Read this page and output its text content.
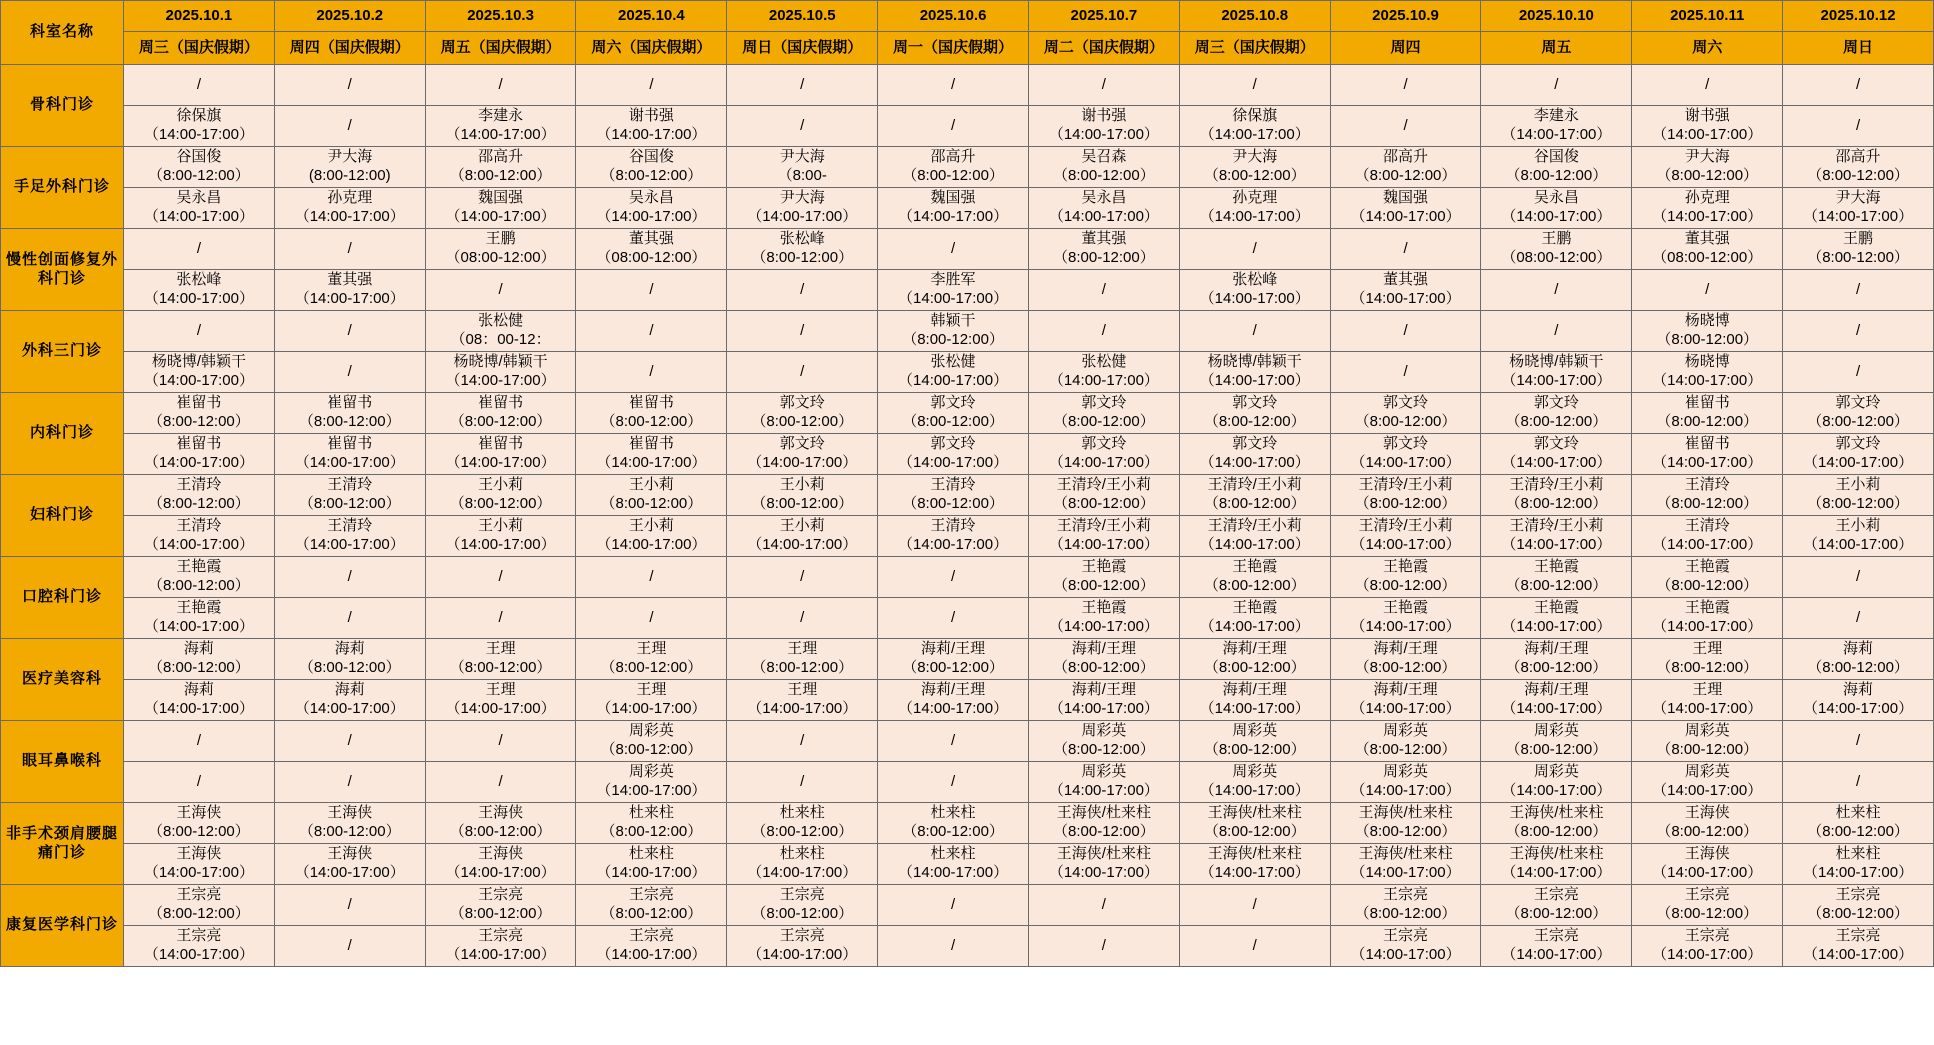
科室名称	2025.10.1	2025.10.2	2025.10.3	2025.10.4	2025.10.5	2025.10.6	2025.10.7	2025.10.8	2025.10.9	2025.10.10	2025.10.11	2025.10.12
	周三（国庆假期）	周四（国庆假期）	周五（国庆假期）	周六（国庆假期）	周日（国庆假期）	周一（国庆假期）	周二（国庆假期）	周三（国庆假期）	周四	周五	周六	周日

骨科门诊	/	/	/	/	/	/	/	/	/	/	/	/

	徐保旗
（14:00-17:00）	/	李建永
（14:00-17:00）	谢书强
（14:00-17:00）	/	/	谢书强
（14:00-17:00）	徐保旗
（14:00-17:00）	/	李建永
（14:00-17:00）	谢书强
（14:00-17:00）	/

手足外科门诊	谷国俊
（8:00-12:00）	尹大海
(8:00-12:00)	邵高升
（8:00-12:00）	谷国俊
（8:00-12:00）	尹大海
（8:00-	邵高升
（8:00-12:00）	吴召森
（8:00-12:00）	尹大海
（8:00-12:00）	邵高升
（8:00-12:00）	谷国俊
（8:00-12:00）	尹大海
（8:00-12:00）	邵高升
（8:00-12:00）

	吴永昌
（14:00-17:00）	孙克理
（14:00-17:00）	魏国强
（14:00-17:00）	吴永昌
（14:00-17:00）	尹大海
（14:00-17:00）	魏国强
（14:00-17:00）	吴永昌
（14:00-17:00）	孙克理
（14:00-17:00）	魏国强
（14:00-17:00）	吴永昌
（14:00-17:00）	孙克理
（14:00-17:00）	尹大海
（14:00-17:00）

慢性创面修复外科门诊	/	/	王鹏
（08:00-12:00）	董其强
（08:00-12:00）	张松峰
（8:00-12:00）	/	董其强
（8:00-12:00）	/	/	王鹏
（08:00-12:00）	董其强
（08:00-12:00）	王鹏
（8:00-12:00）

	张松峰
（14:00-17:00）	董其强
（14:00-17:00）	/	/	/	李胜军
（14:00-17:00）	/	张松峰
（14:00-17:00）	董其强
（14:00-17:00）	/	/	/

外科三门诊	/	/	张松健
（08：00-12：	/	/	韩颖干
（8:00-12:00）	/	/	/	/	杨晓博
（8:00-12:00）	/

	杨晓博/韩颖干
（14:00-17:00）	/	杨晓博/韩颖干
（14:00-17:00）	/	/	张松健
（14:00-17:00）	张松健
（14:00-17:00）	杨晓博/韩颖干
（14:00-17:00）	/	杨晓博/韩颖干
（14:00-17:00）	杨晓博
（14:00-17:00）	/

内科门诊	崔留书
（8:00-12:00）	崔留书
（8:00-12:00）	崔留书
（8:00-12:00）	崔留书
（8:00-12:00）	郭文玲
（8:00-12:00）	郭文玲
（8:00-12:00）	郭文玲
（8:00-12:00）	郭文玲
（8:00-12:00）	郭文玲
（8:00-12:00）	郭文玲
（8:00-12:00）	崔留书
（8:00-12:00）	郭文玲
（8:00-12:00）

	崔留书
（14:00-17:00）	崔留书
（14:00-17:00）	崔留书
（14:00-17:00）	崔留书
（14:00-17:00）	郭文玲
（14:00-17:00）	郭文玲
（14:00-17:00）	郭文玲
（14:00-17:00）	郭文玲
（14:00-17:00）	郭文玲
（14:00-17:00）	郭文玲
（14:00-17:00）	崔留书
（14:00-17:00）	郭文玲
（14:00-17:00）

妇科门诊	王清玲
（8:00-12:00）	王清玲
（8:00-12:00）	王小莉
（8:00-12:00）	王小莉
（8:00-12:00）	王小莉
（8:00-12:00）	王清玲
（8:00-12:00）	王清玲/王小莉
（8:00-12:00）	王清玲/王小莉
（8:00-12:00）	王清玲/王小莉
（8:00-12:00）	王清玲/王小莉
（8:00-12:00）	王清玲
（8:00-12:00）	王小莉
（8:00-12:00）

	王清玲
（14:00-17:00）	王清玲
（14:00-17:00）	王小莉
（14:00-17:00）	王小莉
（14:00-17:00）	王小莉
（14:00-17:00）	王清玲
（14:00-17:00）	王清玲/王小莉
（14:00-17:00）	王清玲/王小莉
（14:00-17:00）	王清玲/王小莉
（14:00-17:00）	王清玲/王小莉
（14:00-17:00）	王清玲
（14:00-17:00）	王小莉
（14:00-17:00）

口腔科门诊	王艳霞
（8:00-12:00）	/	/	/	/	/	王艳霞
（8:00-12:00）	王艳霞
（8:00-12:00）	王艳霞
（8:00-12:00）	王艳霞
（8:00-12:00）	王艳霞
（8:00-12:00）	/

	王艳霞
（14:00-17:00）	/	/	/	/	/	王艳霞
（14:00-17:00）	王艳霞
（14:00-17:00）	王艳霞
（14:00-17:00）	王艳霞
（14:00-17:00）	王艳霞
（14:00-17:00）	/

医疗美容科	海莉
（8:00-12:00）	海莉
（8:00-12:00）	王理
（8:00-12:00）	王理
（8:00-12:00）	王理
（8:00-12:00）	海莉/王理
（8:00-12:00）	海莉/王理
（8:00-12:00）	海莉/王理
（8:00-12:00）	海莉/王理
（8:00-12:00）	海莉/王理
（8:00-12:00）	王理
（8:00-12:00）	海莉
（8:00-12:00）

	海莉
（14:00-17:00）	海莉
（14:00-17:00）	王理
（14:00-17:00）	王理
（14:00-17:00）	王理
（14:00-17:00）	海莉/王理
（14:00-17:00）	海莉/王理
（14:00-17:00）	海莉/王理
（14:00-17:00）	海莉/王理
（14:00-17:00）	海莉/王理
（14:00-17:00）	王理
（14:00-17:00）	海莉
（14:00-17:00）

眼耳鼻喉科	/	/	/	周彩英
（8:00-12:00）	/	/	周彩英
（8:00-12:00）	周彩英
（8:00-12:00）	周彩英
（8:00-12:00）	周彩英
（8:00-12:00）	周彩英
（8:00-12:00）	/

	/	/	/	周彩英
（14:00-17:00）	/	/	周彩英
（14:00-17:00）	周彩英
（14:00-17:00）	周彩英
（14:00-17:00）	周彩英
（14:00-17:00）	周彩英
（14:00-17:00）	/

非手术颈肩腰腿痛门诊	王海侠
（8:00-12:00）	王海侠
（8:00-12:00）	王海侠
（8:00-12:00）	杜来柱
（8:00-12:00）	杜来柱
（8:00-12:00）	杜来柱
（8:00-12:00）	王海侠/杜来柱
（8:00-12:00）	王海侠/杜来柱
（8:00-12:00）	王海侠/杜来柱
（8:00-12:00）	王海侠/杜来柱
（8:00-12:00）	王海侠
（8:00-12:00）	杜来柱
（8:00-12:00）

	王海侠
（14:00-17:00）	王海侠
（14:00-17:00）	王海侠
（14:00-17:00）	杜来柱
（14:00-17:00）	杜来柱
（14:00-17:00）	杜来柱
（14:00-17:00）	王海侠/杜来柱
（14:00-17:00）	王海侠/杜来柱
（14:00-17:00）	王海侠/杜来柱
（14:00-17:00）	王海侠/杜来柱
（14:00-17:00）	王海侠
（14:00-17:00）	杜来柱
（14:00-17:00）

康复医学科门诊	王宗亮
（8:00-12:00）	/	王宗亮
（8:00-12:00）	王宗亮
（8:00-12:00）	王宗亮
（8:00-12:00）	/	/	/	王宗亮
（8:00-12:00）	王宗亮
（8:00-12:00）	王宗亮
（8:00-12:00）	王宗亮
（8:00-12:00）

	王宗亮
（14:00-17:00）	/	王宗亮
（14:00-17:00）	王宗亮
（14:00-17:00）	王宗亮
（14:00-17:00）	/	/	/	王宗亮
（14:00-17:00）	王宗亮
（14:00-17:00）	王宗亮
（14:00-17:00）	王宗亮
（14:00-17:00）
